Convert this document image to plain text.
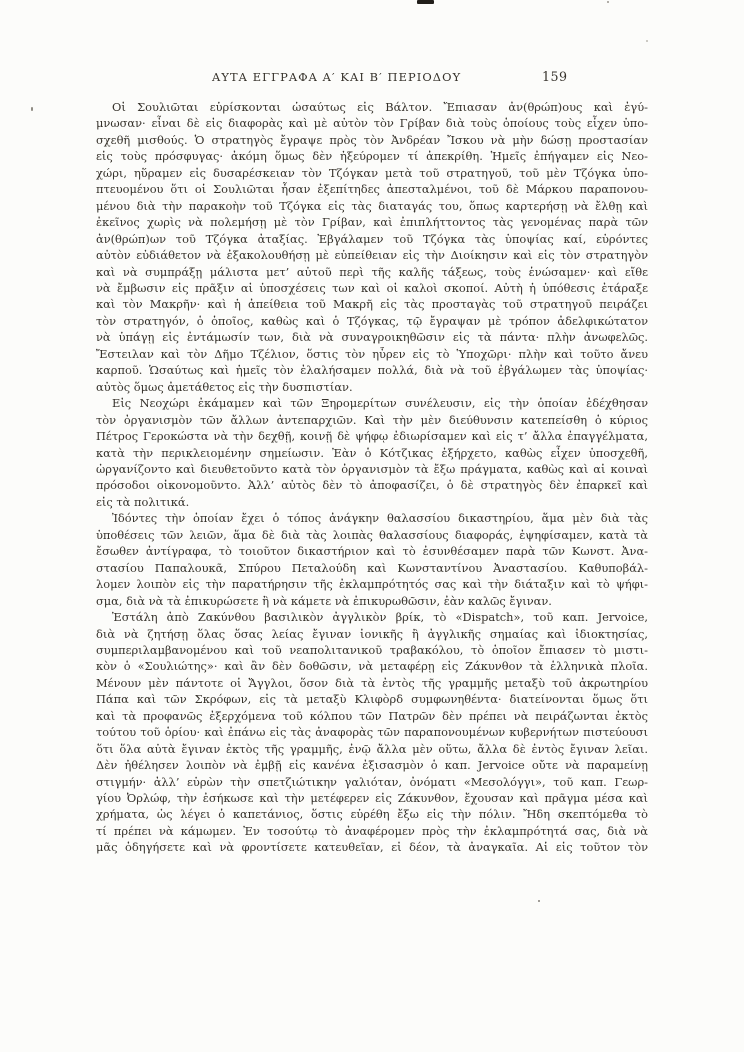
ΑΥΤΑ ΕΓΓΡΑΦΑ Α′ ΚΑΙ Β′ ΠΕΡΙΟΔΟΥ	159
Οἱ Σουλιῶται εὑρίσκονται ὡσαύτως εἰς Βάλτον. Ἔπιασαν ἀν(θρώπ)ους καὶ ἐγύ-
μνωσαν· εἶναι δὲ εἰς διαφορὰς καὶ μὲ αὐτὸν τὸν Γρίβαν διὰ τοὺς ὁποίους τοὺς εἶχεν ὑπο-
σχεθῆ μισθούς. Ὁ στρατηγὸς ἔγραψε πρὸς τὸν Ἀνδρέαν Ἴσκου νὰ μὴν δώσῃ προστασίαν
εἰς τοὺς πρόσφυγας· ἀκόμη ὅμως δὲν ἠξεύρομεν τί ἀπεκρίθη. Ἡμεῖς ἐπήγαμεν εἰς Νεο-
χώρι, ηὕραμεν εἰς δυσαρέσκειαν τὸν Τζόγκαν μετὰ τοῦ στρατηγοῦ, τοῦ μὲν Τζόγκα ὑπο-
πτευομένου ὅτι οἱ Σουλιῶται ἦσαν ἐξεπίτηδες ἀπεσταλμένοι, τοῦ δὲ Μάρκου παραπονου-
μένου διὰ τὴν παρακοὴν τοῦ Τζόγκα εἰς τὰς διαταγάς του, ὅπως καρτερήσῃ νὰ ἔλθῃ καὶ
ἐκεῖνος χωρὶς νὰ πολεμήσῃ μὲ τὸν Γρίβαν, καὶ ἐπιπλήττοντος τὰς γενομένας παρὰ τῶν
ἀν(θρώπ)ων τοῦ Τζόγκα ἀταξίας. Ἐβγάλαμεν τοῦ Τζόγκα τὰς ὑποψίας καί, εὑρόντες
αὐτὸν εὐδιάθετον νὰ ἐξακολουθήσῃ μὲ εὐπείθειαν εἰς τὴν Διοίκησιν καὶ εἰς τὸν στρατηγὸν
καὶ νὰ συμπράξῃ μάλιστα μετ’ αὐτοῦ περὶ τῆς καλῆς τάξεως, τοὺς ἑνώσαμεν· καὶ εἴθε
νὰ ἔμβωσιν εἰς πρᾶξιν αἱ ὑποσχέσεις των καὶ οἱ καλοὶ σκοποί. Αὐτὴ ἡ ὑπόθεσις ἐτάραξε
καὶ τὸν Μακρῆν· καὶ ἡ ἀπείθεια τοῦ Μακρῆ εἰς τὰς προσταγὰς τοῦ στρατηγοῦ πειράζει
τὸν στρατηγόν, ὁ ὁποῖος, καθὼς καὶ ὁ Τζόγκας, τῷ ἔγραψαν μὲ τρόπον ἀδελφικώτατον
νὰ ὑπάγῃ εἰς ἐντάμωσίν των, διὰ νὰ συναγροικηθῶσιν εἰς τὰ πάντα· πλὴν ἀνωφελῶς.
Ἔστειλαν καὶ τὸν Δῆμο Τζέλιον, ὅστις τὸν ηὗρεν εἰς τὸ Ὑποχῶρι· πλὴν καὶ τοῦτο ἄνευ
καρποῦ. Ὡσαύτως καὶ ἡμεῖς τὸν ἐλαλήσαμεν πολλά, διὰ νὰ τοῦ ἐβγάλωμεν τὰς ὑποψίας·
αὐτὸς ὅμως ἀμετάθετος εἰς τὴν δυσπιστίαν.
Εἰς Νεοχώρι ἐκάμαμεν καὶ τῶν Ξηρομερίτων συνέλευσιν, εἰς τὴν ὁποίαν ἐδέχθησαν
τὸν ὀργανισμὸν τῶν ἄλλων ἀντεπαρχιῶν. Καὶ τὴν μὲν διεύθυνσιν κατεπείσθη ὁ κύριος
Πέτρος Γεροκώστα νὰ τὴν δεχθῇ, κοινῇ δὲ ψήφῳ ἐδιωρίσαμεν καὶ εἰς τ’ ἄλλα ἐπαγγέλματα,
κατὰ τὴν περικλειομένην σημείωσιν. Ἐὰν ὁ Κότζικας ἐξήρχετο, καθὼς εἶχεν ὑποσχεθῆ,
ὠργανίζοντο καὶ διευθετοῦντο κατὰ τὸν ὀργανισμὸν τὰ ἔξω πράγματα, καθὼς καὶ αἱ κοιναὶ
πρόσοδοι οἰκονομοῦντο. Ἀλλ’ αὐτὸς δὲν τὸ ἀποφασίζει, ὁ δὲ στρατηγὸς δὲν ἐπαρκεῖ καὶ
εἰς τὰ πολιτικά.
Ἰδόντες τὴν ὁποίαν ἔχει ὁ τόπος ἀνάγκην θαλασσίου δικαστηρίου, ἅμα μὲν διὰ τὰς
ὑποθέσεις τῶν λειῶν, ἅμα δὲ διὰ τὰς λοιπὰς θαλασσίους διαφοράς, ἐψηφίσαμεν, κατὰ τὰ
ἔσωθεν ἀντίγραφα, τὸ τοιοῦτον δικαστήριον καὶ τὸ ἐσυνθέσαμεν παρὰ τῶν Κωνστ. Ἀνα-
στασίου Παπαλουκᾶ, Σπύρου Πεταλούδη καὶ Κωνσταντίνου Ἀναστασίου. Καθυποβάλ-
λομεν λοιπὸν εἰς τὴν παρατήρησιν τῆς ἐκλαμπρότητός σας καὶ τὴν διάταξιν καὶ τὸ ψήφι-
σμα, διὰ νὰ τὰ ἐπικυρώσετε ἢ νὰ κάμετε νὰ ἐπικυρωθῶσιν, ἐὰν καλῶς ἔγιναν.
Ἐστάλη ἀπὸ Ζακύνθου βασιλικὸν ἀγγλικὸν βρίκ, τὸ «Dispatch», τοῦ καπ. Jervoice,
διὰ νὰ ζητήσῃ ὅλας ὅσας λείας ἔγιναν ἰονικῆς ἢ ἀγγλικῆς σημαίας καὶ ἰδιοκτησίας,
συμπεριλαμβανομένου καὶ τοῦ νεαπολιτανικοῦ τραβακόλου, τὸ ὁποῖον ἔπιασεν τὸ μιστι-
κὸν ὁ «Σουλιώτης»· καὶ ἂν δὲν δοθῶσιν, νὰ μεταφέρῃ εἰς Ζάκυνθον τὰ ἑλληνικὰ πλοῖα.
Μένουν μὲν πάντοτε οἱ Ἄγγλοι, ὅσον διὰ τὰ ἐντὸς τῆς γραμμῆς μεταξὺ τοῦ ἀκρωτηρίου
Πάπα καὶ τῶν Σκρόφων, εἰς τὰ μεταξὺ Κλιφὸρδ συμφωνηθέντα· διατείνονται ὅμως ὅτι
καὶ τὰ προφανῶς ἐξερχόμενα τοῦ κόλπου τῶν Πατρῶν δὲν πρέπει νὰ πειράζωνται ἐκτὸς
τούτου τοῦ ὁρίου· καὶ ἐπάνω εἰς τὰς ἀναφορὰς τῶν παραπονουμένων κυβερνήτων πιστεύουσι
ὅτι ὅλα αὐτὰ ἔγιναν ἐκτὸς τῆς γραμμῆς, ἐνῷ ἄλλα μὲν οὕτω, ἄλλα δὲ ἐντὸς ἔγιναν λεῖαι.
Δὲν ἠθέλησεν λοιπὸν νὰ ἐμβῇ εἰς κανένα ἐξισασμὸν ὁ καπ. Jervoice οὔτε νὰ παραμείνῃ
στιγμήν· ἀλλ’ εὑρὼν τὴν σπετζιώτικην γαλιόταν, ὀνόματι «Μεσολόγγι», τοῦ καπ. Γεωρ-
γίου Ὀρλώφ, τὴν ἐσήκωσε καὶ τὴν μετέφερεν εἰς Ζάκυνθον, ἔχουσαν καὶ πρᾶγμα μέσα καὶ
χρήματα, ὡς λέγει ὁ καπετάνιος, ὅστις εὑρέθη ἔξω εἰς τὴν πόλιν. Ἤδη σκεπτόμεθα τὸ
τί πρέπει νὰ κάμωμεν. Ἐν τοσούτῳ τὸ ἀναφέρομεν πρὸς τὴν ἐκλαμπρότητά σας, διὰ νὰ
μᾶς ὁδηγήσετε καὶ νὰ φροντίσετε κατευθεῖαν, εἰ δέον, τὰ ἀναγκαῖα. Αἱ εἰς τοῦτον τὸν
